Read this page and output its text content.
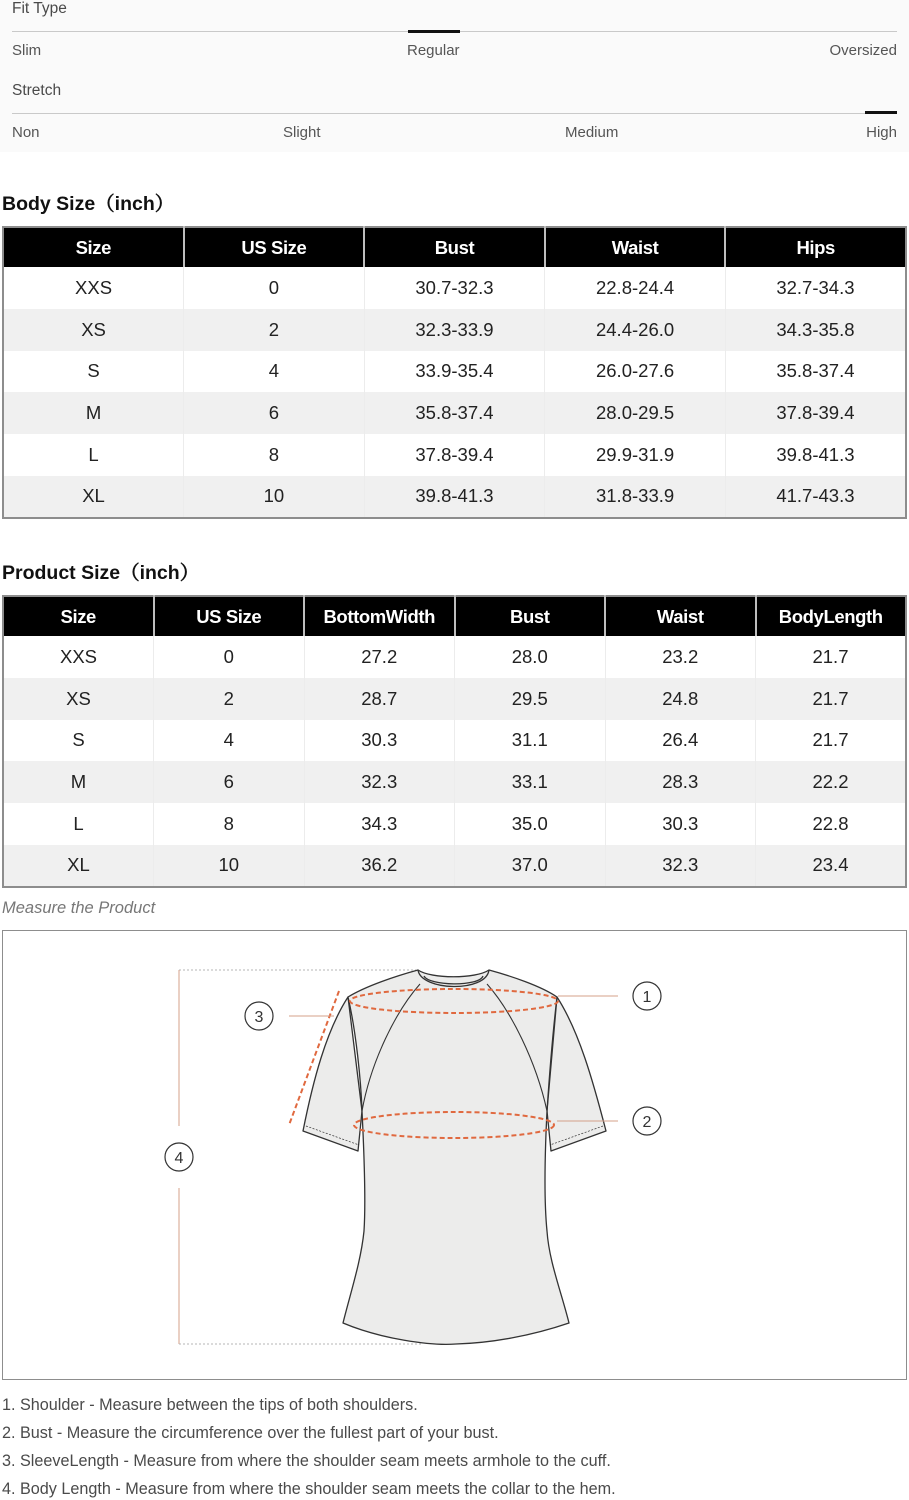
Fit Type
Slim	Regular	Oversized
Stretch
Non	Slight	Medium	High
Body Size（inch）
Size	US Size	Bust	Waist	Hips
XXS	0	30.7-32.3	22.8-24.4	32.7-34.3
XS	2	32.3-33.9	24.4-26.0	34.3-35.8
S	4	33.9-35.4	26.0-27.6	35.8-37.4
M	6	35.8-37.4	28.0-29.5	37.8-39.4
L	8	37.8-39.4	29.9-31.9	39.8-41.3
XL	10	39.8-41.3	31.8-33.9	41.7-43.3
Product Size（inch）
Size	US Size	BottomWidth	Bust	Waist	BodyLength
XXS	0	27.2	28.0	23.2	21.7
XS	2	28.7	29.5	24.8	21.7
S	4	30.3	31.1	26.4	21.7
M	6	32.3	33.1	28.3	22.2
L	8	34.3	35.0	30.3	22.8
XL	10	36.2	37.0	32.3	23.4
Measure the Product
1
2
3
4
1. Shoulder - Measure between the tips of both shoulders.
2. Bust - Measure the circumference over the fullest part of your bust.
3. SleeveLength - Measure from where the shoulder seam meets armhole to the cuff.
4. Body Length - Measure from where the shoulder seam meets the collar to the hem.
